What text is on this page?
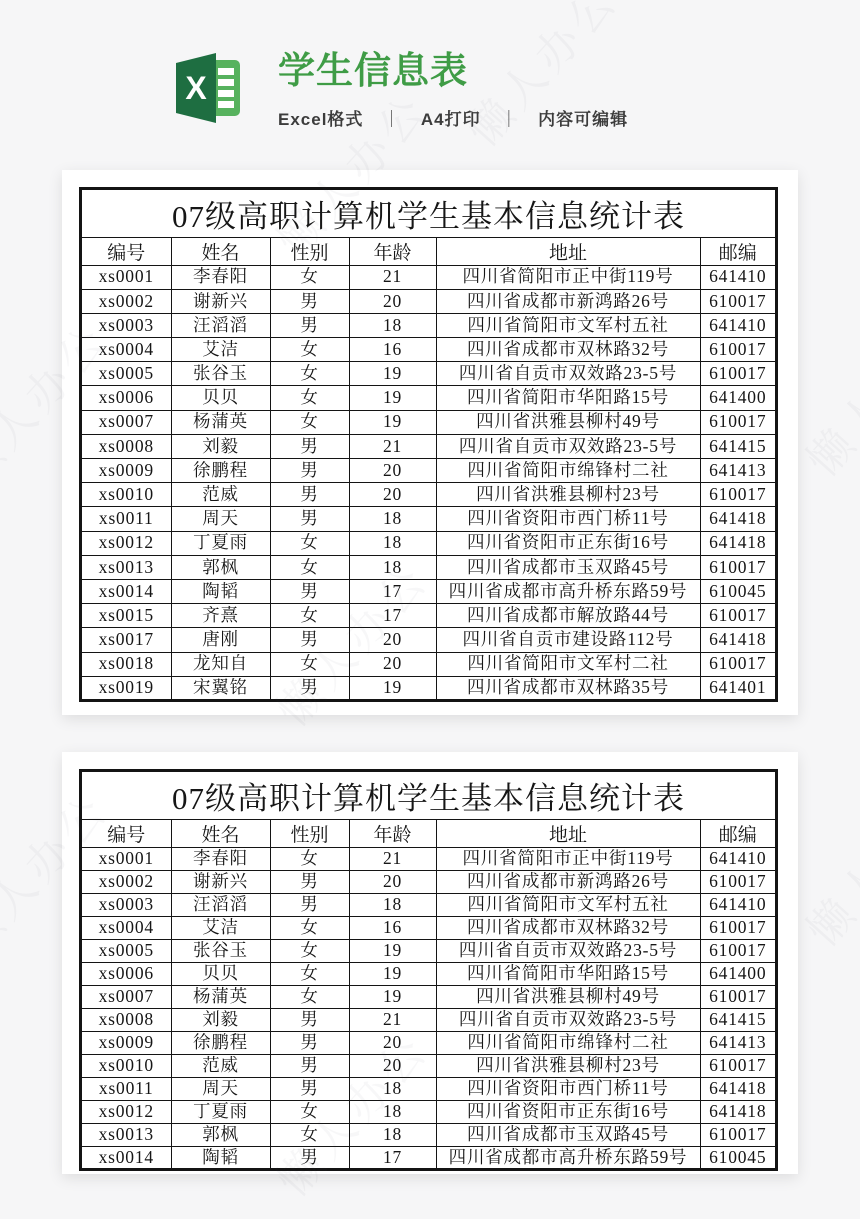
X 学生信息表
Excel格式 ｜ A4打印 ｜ 内容可编辑
07级高职计算机学生基本信息统计表					
编号	姓名	性别	年龄	地址	邮编
xs0001	李春阳	女	21	四川省简阳市正中街119号	641410
xs0002	谢新兴	男	20	四川省成都市新鸿路26号	610017
xs0003	汪滔滔	男	18	四川省简阳市文军村五社	641410
xs0004	艾洁	女	16	四川省成都市双林路32号	610017
xs0005	张谷玉	女	19	四川省自贡市双效路23-5号	610017
xs0006	贝贝	女	19	四川省简阳市华阳路15号	641400
xs0007	杨蒲英	女	19	四川省洪雅县柳村49号	610017
xs0008	刘毅	男	21	四川省自贡市双效路23-5号	641415
xs0009	徐鹏程	男	20	四川省简阳市绵锋村二社	641413
xs0010	范威	男	20	四川省洪雅县柳村23号	610017
xs0011	周天	男	18	四川省资阳市西门桥11号	641418
xs0012	丁夏雨	女	18	四川省资阳市正东街16号	641418
xs0013	郭枫	女	18	四川省成都市玉双路45号	610017
xs0014	陶韬	男	17	四川省成都市高升桥东路59号	610045
xs0015	齐熹	女	17	四川省成都市解放路44号	610017
xs0017	唐刚	男	20	四川省自贡市建设路112号	641418
xs0018	龙知自	女	20	四川省简阳市文军村二社	610017
xs0019	宋翼铭	男	19	四川省成都市双林路35号	641401
07级高职计算机学生基本信息统计表					
编号	姓名	性别	年龄	地址	邮编
xs0001	李春阳	女	21	四川省简阳市正中街119号	641410
xs0002	谢新兴	男	20	四川省成都市新鸿路26号	610017
xs0003	汪滔滔	男	18	四川省简阳市文军村五社	641410
xs0004	艾洁	女	16	四川省成都市双林路32号	610017
xs0005	张谷玉	女	19	四川省自贡市双效路23-5号	610017
xs0006	贝贝	女	19	四川省简阳市华阳路15号	641400
xs0007	杨蒲英	女	19	四川省洪雅县柳村49号	610017
xs0008	刘毅	男	21	四川省自贡市双效路23-5号	641415
xs0009	徐鹏程	男	20	四川省简阳市绵锋村二社	641413
xs0010	范威	男	20	四川省洪雅县柳村23号	610017
xs0011	周天	男	18	四川省资阳市西门桥11号	641418
xs0012	丁夏雨	女	18	四川省资阳市正东街16号	641418
xs0013	郭枫	女	18	四川省成都市玉双路45号	610017
xs0014	陶韬	男	17	四川省成都市高升桥东路59号	610045
